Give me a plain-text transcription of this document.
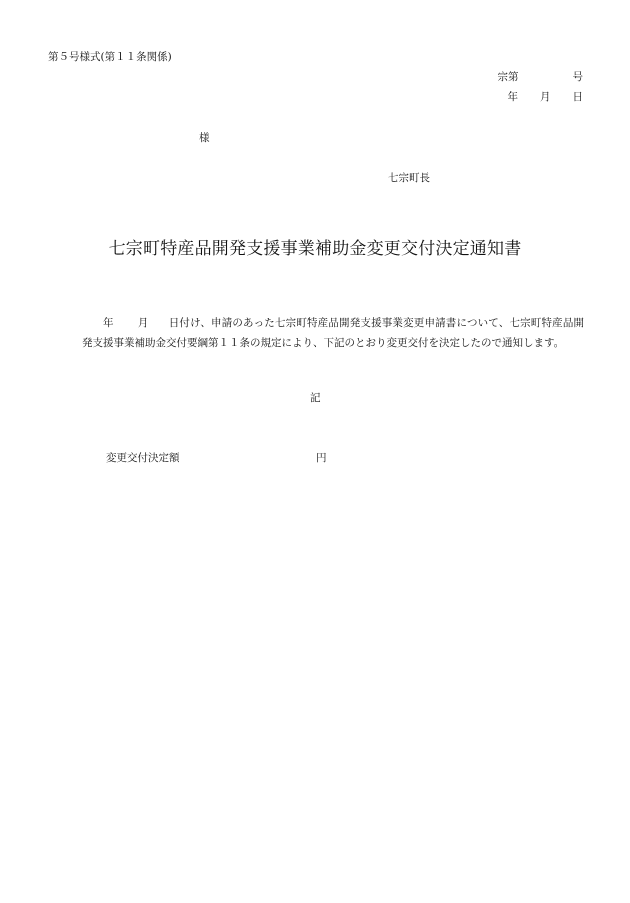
第５号様式(第１１条関係)
宗第	号
年 月 日
様
七宗町長
七宗町特産品開発支援事業補助金変更交付決定通知書
年 月 日付け、申請のあった七宗町特産品開発支援事業変更申請書について、七宗町特産品開発支援事業補助金交付要綱第１１条の規定により、下記のとおり変更交付を決定したので通知します。
記
変更交付決定額	円
